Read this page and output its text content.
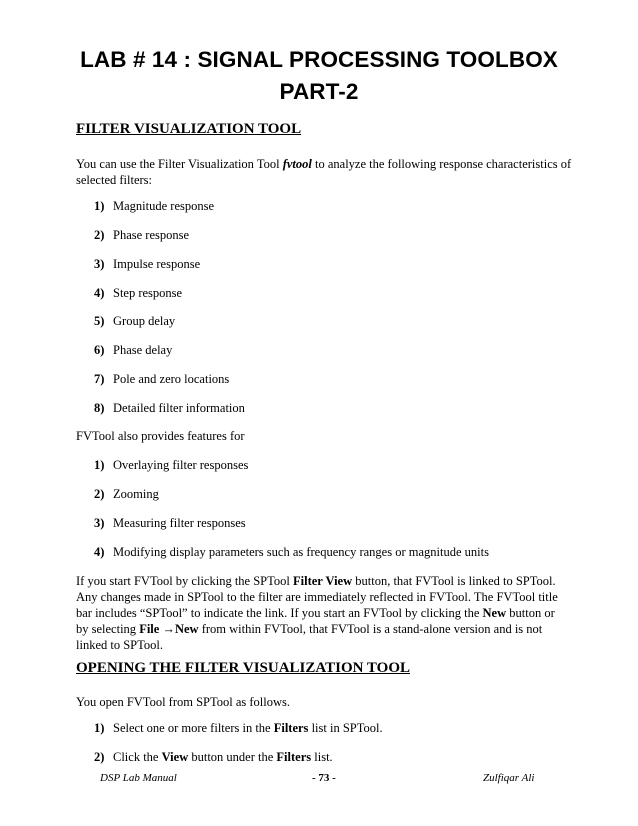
LAB # 14 : SIGNAL PROCESSING TOOLBOX
PART-2
FILTER VISUALIZATION TOOL
You can use the Filter Visualization Tool fvtool to analyze the following response characteristics of selected filters:
1) Magnitude response
2) Phase response
3) Impulse response
4) Step response
5) Group delay
6) Phase delay
7) Pole and zero locations
8) Detailed filter information
FVTool also provides features for
1) Overlaying filter responses
2) Zooming
3) Measuring filter responses
4) Modifying display parameters such as frequency ranges or magnitude units
If you start FVTool by clicking the SPTool Filter View button, that FVTool is linked to SPTool. Any changes made in SPTool to the filter are immediately reflected in FVTool. The FVTool title bar includes “SPTool” to indicate the link. If you start an FVTool by clicking the New button or by selecting File →New from within FVTool, that FVTool is a stand-alone version and is not linked to SPTool.
OPENING THE FILTER VISUALIZATION TOOL
You open FVTool from SPTool as follows.
1) Select one or more filters in the Filters list in SPTool.
2) Click the View button under the Filters list.
DSP Lab Manual	- 73 -	Zulfiqar Ali
